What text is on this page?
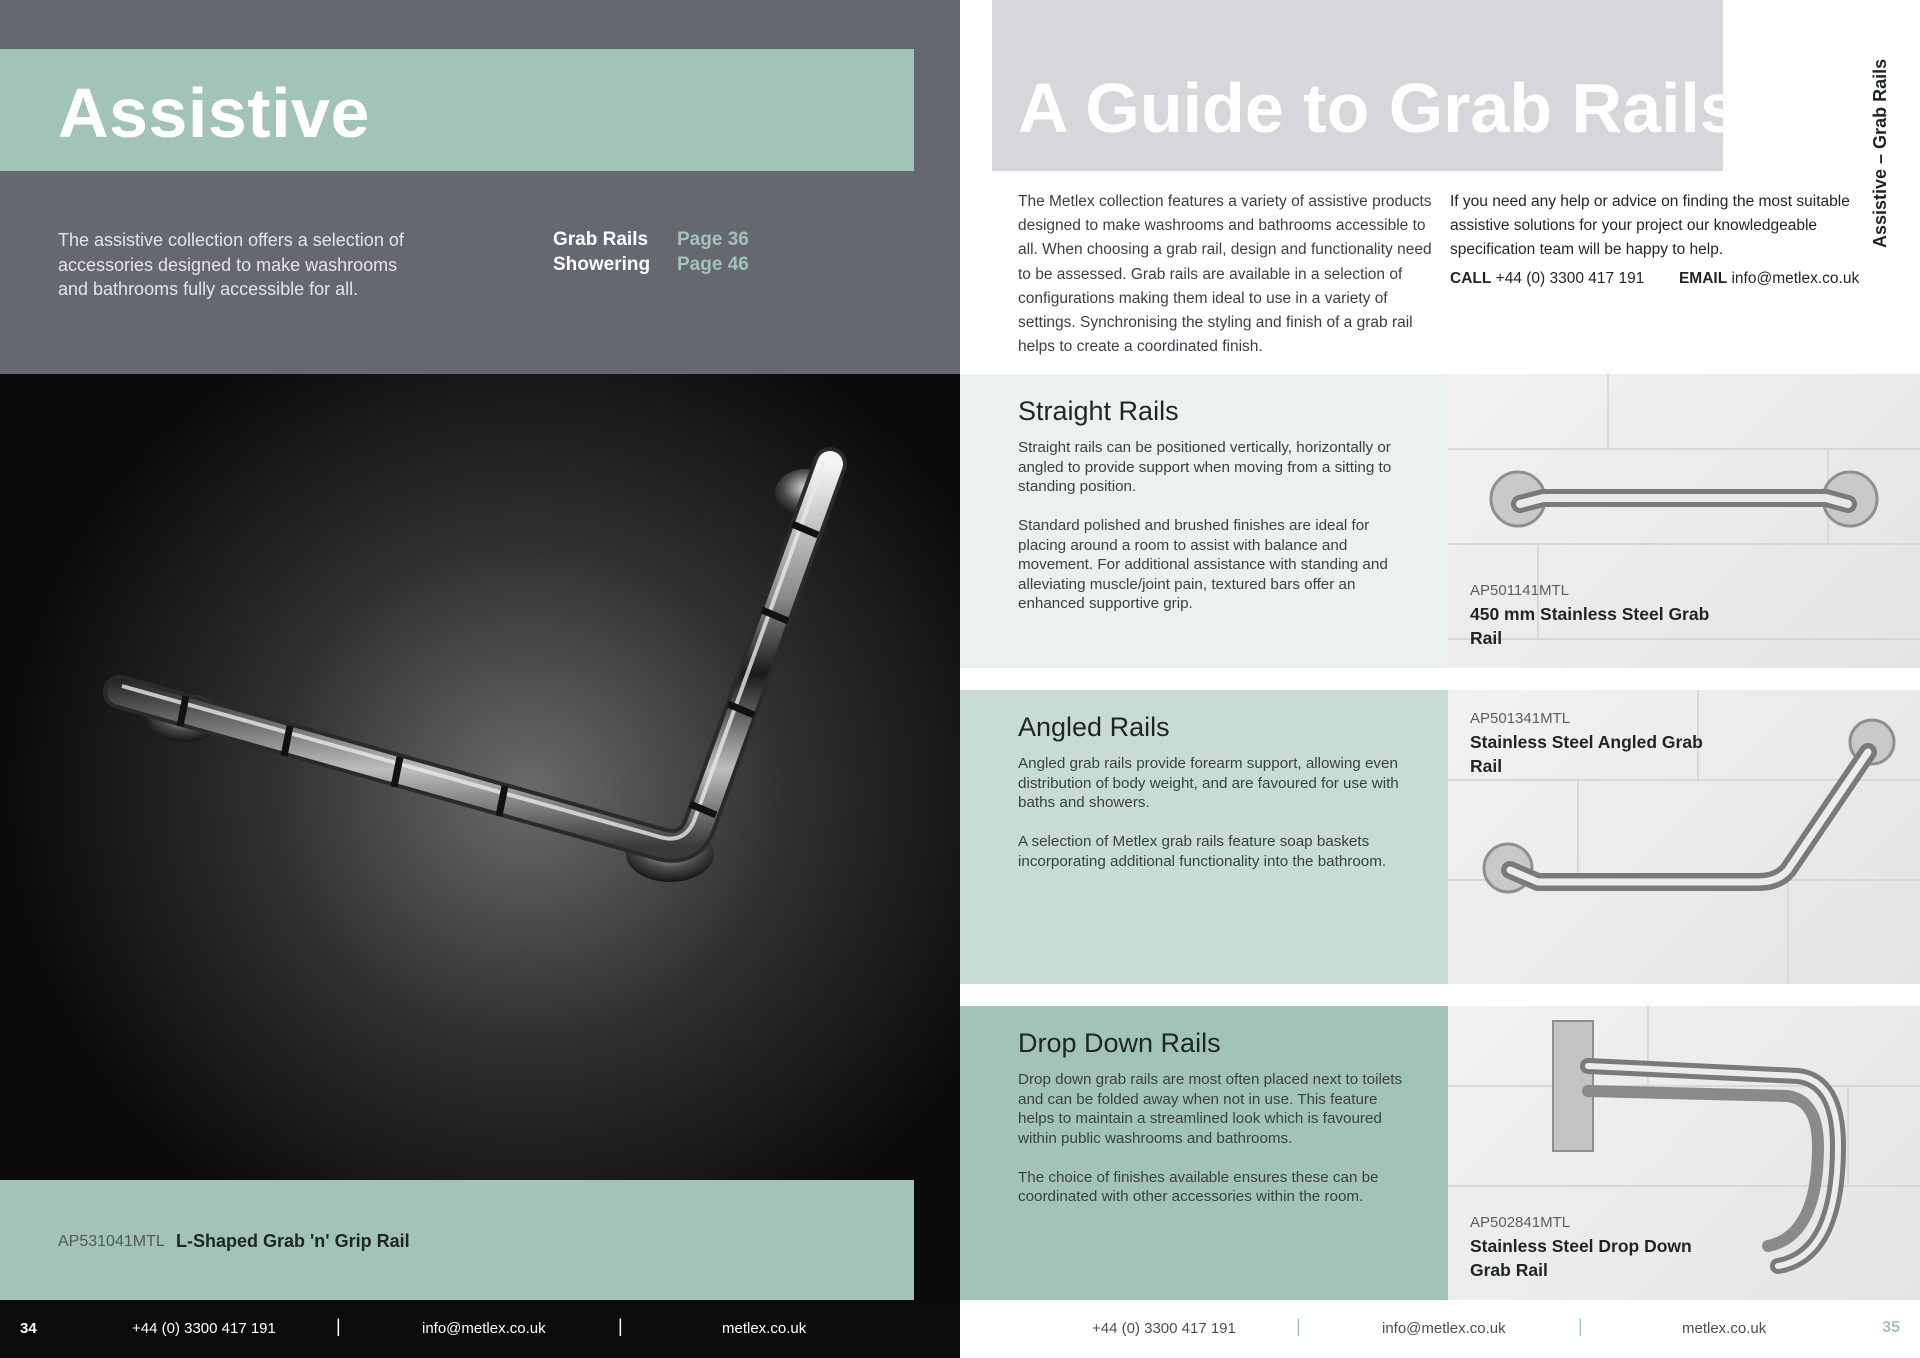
Assistive
The assistive collection offers a selection of accessories designed to make washrooms and bathrooms fully accessible for all.
Grab Rails	Page 36
Showering	Page 46
AP531041MTL L-Shaped Grab 'n' Grip Rail
34	+44 (0) 3300 417 191	|	info@metlex.co.uk	|	metlex.co.uk
A Guide to Grab Rails
The Metlex collection features a variety of assistive products designed to make washrooms and bathrooms accessible to all. When choosing a grab rail, design and functionality need to be assessed. Grab rails are available in a selection of configurations making them ideal to use in a variety of settings. Synchronising the styling and finish of a grab rail helps to create a coordinated finish.
If you need any help or advice on finding the most suitable assistive solutions for your project our knowledgeable specification team will be happy to help.
CALL +44 (0) 3300 417 191 EMAIL info@metlex.co.uk
Straight Rails

Straight rails can be positioned vertically, horizontally or angled to provide support when moving from a sitting to standing position.

Standard polished and brushed finishes are ideal for placing around a room to assist with balance and movement. For additional assistance with standing and alleviating muscle/joint pain, textured bars offer an enhanced supportive grip.

AP501141MTL
450 mm Stainless Steel Grab Rail
Angled Rails

Angled grab rails provide forearm support, allowing even distribution of body weight, and are favoured for use with baths and showers.

A selection of Metlex grab rails feature soap baskets incorporating additional functionality into the bathroom.

AP501341MTL
Stainless Steel Angled Grab Rail
Drop Down Rails

Drop down grab rails are most often placed next to toilets and can be folded away when not in use. This feature helps to maintain a streamlined look which is favoured within public washrooms and bathrooms.

The choice of finishes available ensures these can be coordinated with other accessories within the room.

AP502841MTL
Stainless Steel Drop Down Grab Rail
+44 (0) 3300 417 191	|	info@metlex.co.uk	|	metlex.co.uk	35
Assistive – Grab Rails
